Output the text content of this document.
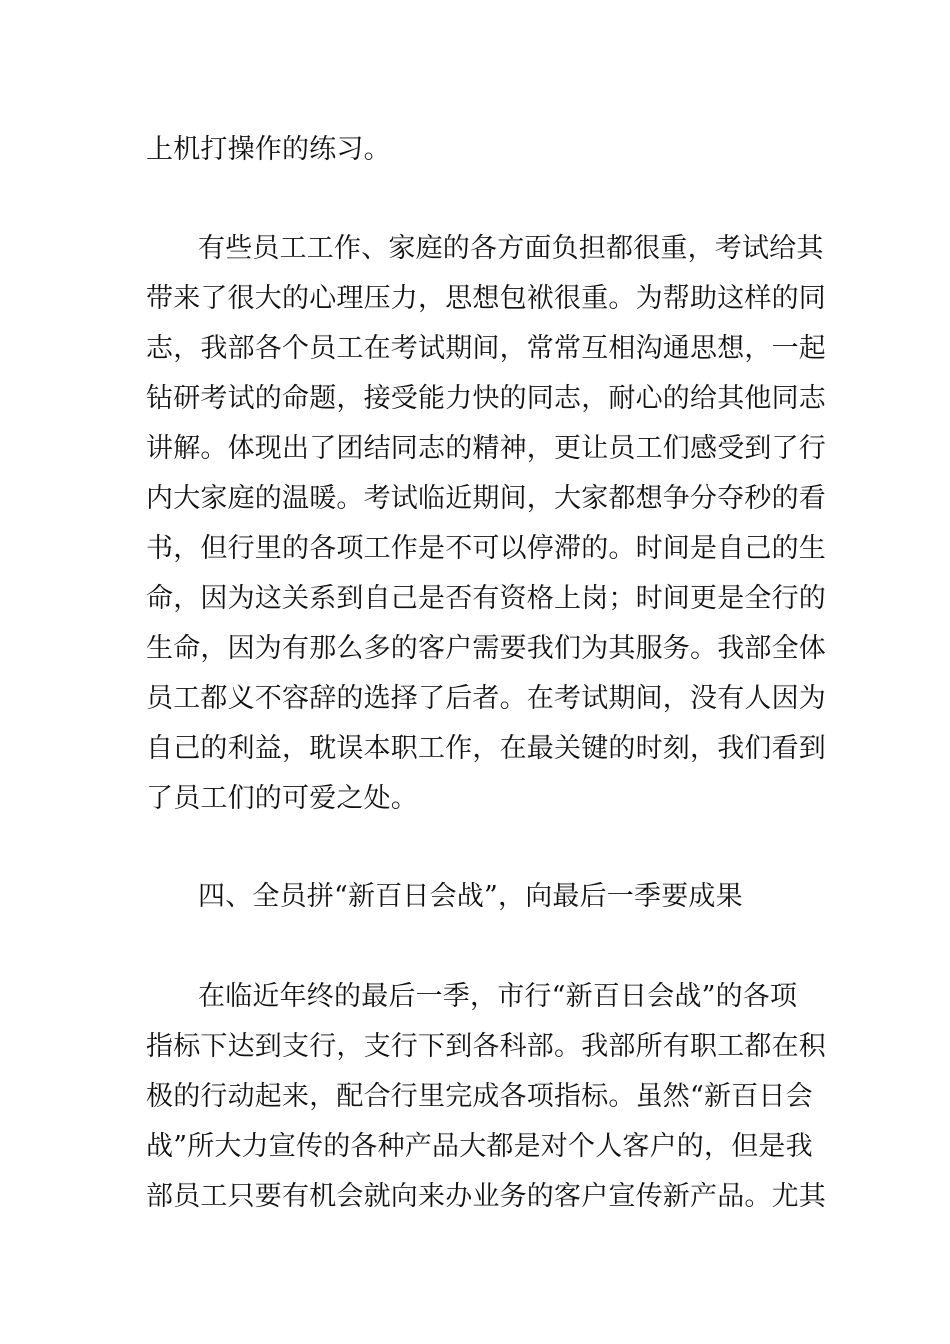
上机打操作的练习。
有些员工工作、家庭的各方面负担都很重，考试给其
带来了很大的心理压力，思想包袱很重。为帮助这样的同
志，我部各个员工在考试期间，常常互相沟通思想，一起
钻研考试的命题，接受能力快的同志，耐心的给其他同志
讲解。体现出了团结同志的精神，更让员工们感受到了行
内大家庭的温暖。考试临近期间，大家都想争分夺秒的看
书，但行里的各项工作是不可以停滞的。时间是自己的生
命，因为这关系到自己是否有资格上岗；时间更是全行的
生命，因为有那么多的客户需要我们为其服务。我部全体
员工都义不容辞的选择了后者。在考试期间，没有人因为
自己的利益，耽误本职工作，在最关键的时刻，我们看到
了员工们的可爱之处。
四、全员拼“新百日会战”，向最后一季要成果
在临近年终的最后一季，市行“新百日会战”的各项
指标下达到支行，支行下到各科部。我部所有职工都在积
极的行动起来，配合行里完成各项指标。虽然“新百日会
战”所大力宣传的各种产品大都是对个人客户的，但是我
部员工只要有机会就向来办业务的客户宣传新产品。尤其
